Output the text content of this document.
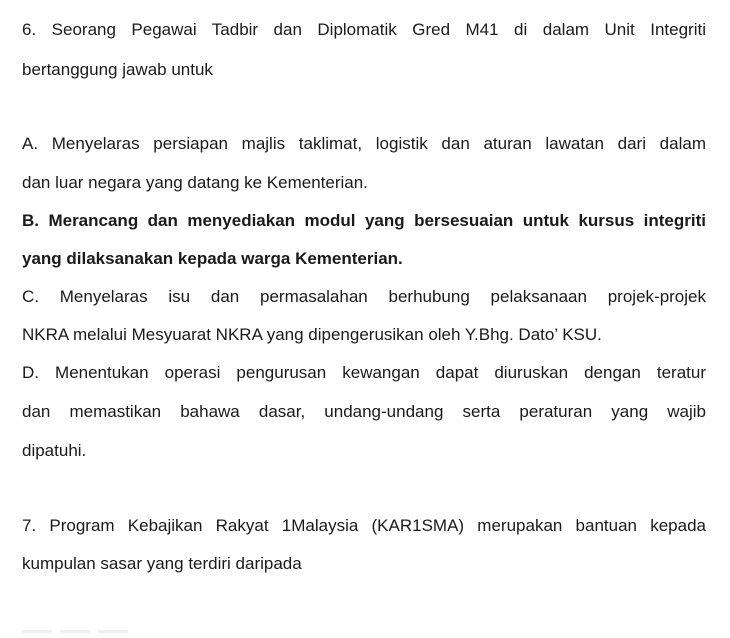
6. Seorang Pegawai Tadbir dan Diplomatik Gred M41 di dalam Unit Integriti
bertanggung jawab untuk
A. Menyelaras persiapan majlis taklimat, logistik dan aturan lawatan dari dalam
dan luar negara yang datang ke Kementerian.
B. Merancang dan menyediakan modul yang bersesuaian untuk kursus integriti
yang dilaksanakan kepada warga Kementerian.
C. Menyelaras isu dan permasalahan berhubung pelaksanaan projek-projek
NKRA melalui Mesyuarat NKRA yang dipengerusikan oleh Y.Bhg. Dato’ KSU.
D. Menentukan operasi pengurusan kewangan dapat diuruskan dengan teratur
dan memastikan bahawa dasar, undang-undang serta peraturan yang wajib
dipatuhi.
7. Program Kebajikan Rakyat 1Malaysia (KAR1SMA) merupakan bantuan kepada
kumpulan sasar yang terdiri daripada
